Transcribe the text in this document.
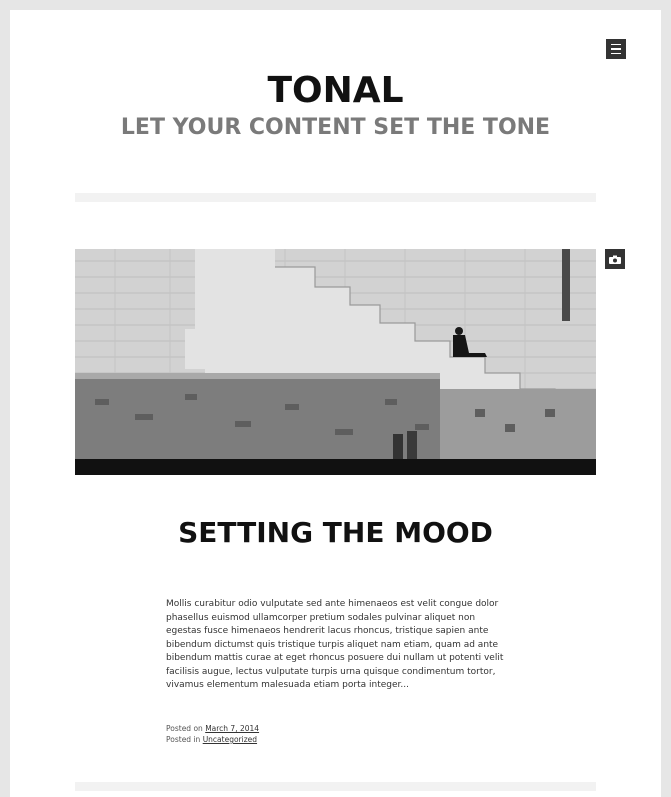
TONAL
LET YOUR CONTENT SET THE TONE
SETTING THE MOOD

Mollis curabitur odio vulputate sed ante himenaeos est velit congue dolor phasellus euismod ullamcorper pretium sodales pulvinar aliquet non egestas fusce himenaeos hendrerit lacus rhoncus, tristique sapien ante bibendum dictumst quis tristique turpis aliquet nam etiam, quam ad ante bibendum mattis curae at eget rhoncus posuere dui nullam ut potenti velit facilisis augue, lectus vulputate turpis urna quisque condimentum tortor, vivamus elementum malesuada etiam porta integer...

Posted on March 7, 2014
Posted in Uncategorized
